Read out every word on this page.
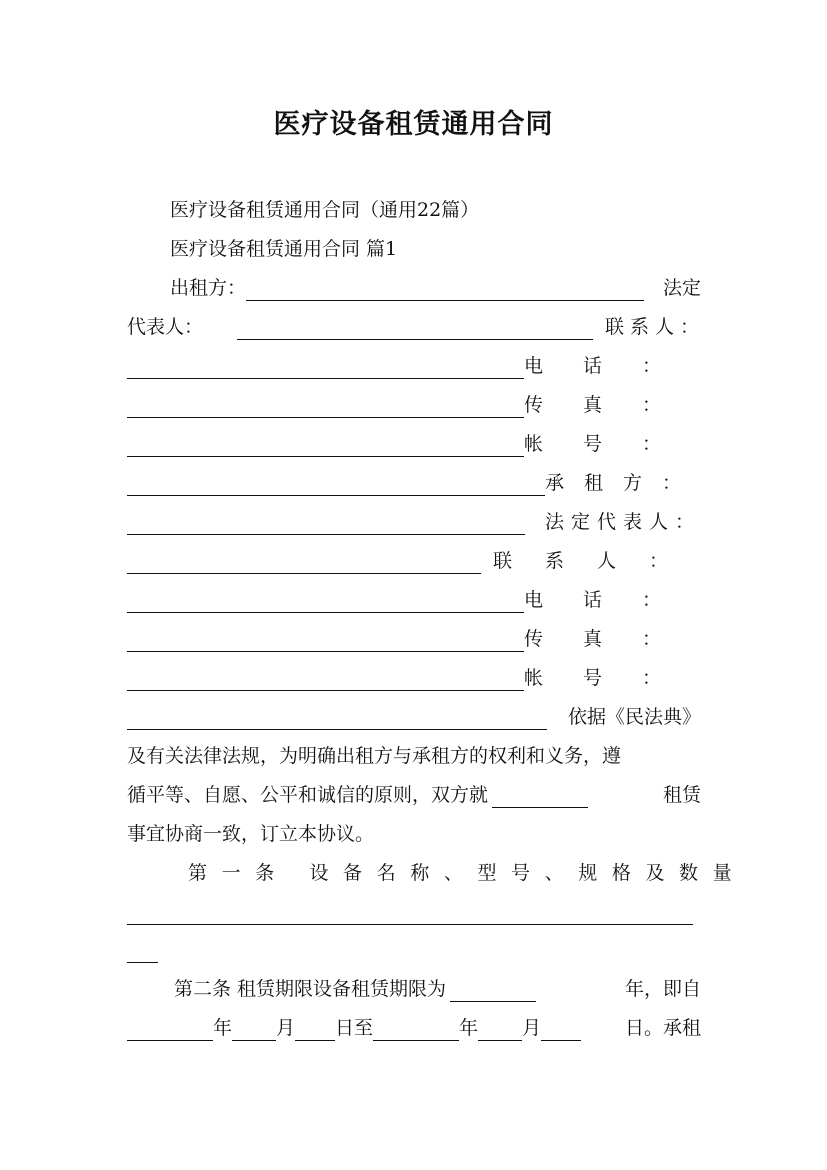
医疗设备租赁通用合同
医疗设备租赁通用合同（通用22篇）
医疗设备租赁通用合同 篇1
出租方：	法定
代表人：	联系人：
电话：
传真：
帐号：
承租方：
法定代表人：
联系人：
电话：
传真：
帐号：
依据《民法典》
及有关法律法规，为明确出租方与承租方的权利和义务，遵
循平等、自愿、公平和诚信的原则，双方就	租赁
事宜协商一致，订立本协议。
第一条 设备名称、型号、规格及数量
第二条 租赁期限设备租赁期限为	年，即自
年 月 日至	年 月	日。承租
